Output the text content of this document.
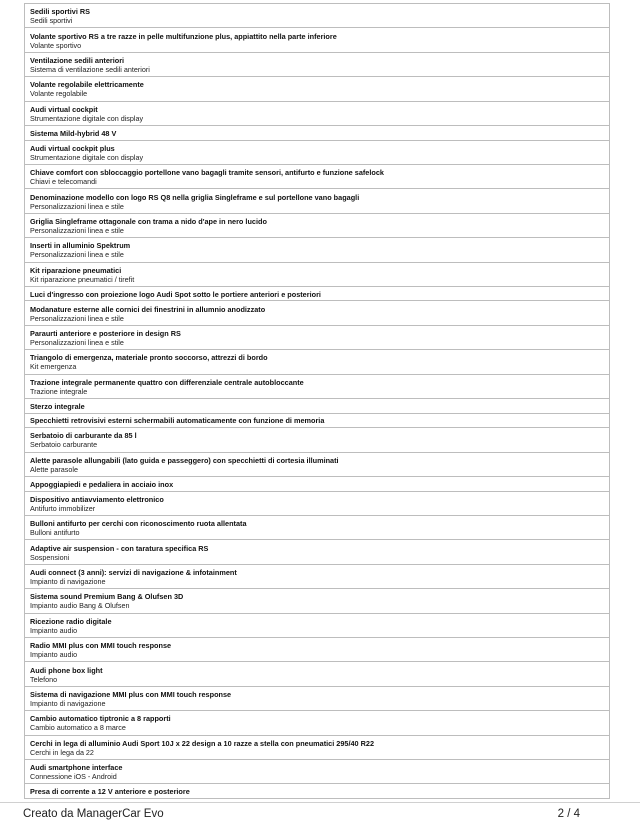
Sedili sportivi RS
Sedili sportivi
Volante sportivo RS a tre razze in pelle multifunzione plus, appiattito nella parte inferiore
Volante sportivo
Ventilazione sedili anteriori
Sistema di ventilazione sedili anteriori
Volante regolabile elettricamente
Volante regolabile
Audi virtual cockpit
Strumentazione digitale con display
Sistema Mild-hybrid 48 V
Audi virtual cockpit plus
Strumentazione digitale con display
Chiave comfort con sbloccaggio portellone vano bagagli tramite sensori, antifurto e funzione safelock
Chiavi e telecomandi
Denominazione modello con logo RS Q8 nella griglia Singleframe e sul portellone vano bagagli
Personalizzazioni linea e stile
Griglia Singleframe ottagonale con trama a nido d'ape in nero lucido
Personalizzazioni linea e stile
Inserti in alluminio Spektrum
Personalizzazioni linea e stile
Kit riparazione pneumatici
Kit riparazione pneumatici / tirefit
Luci d'ingresso con proiezione logo Audi Spot sotto le portiere anteriori e posteriori
Modanature esterne alle cornici dei finestrini in allumnio anodizzato
Personalizzazioni linea e stile
Paraurti anteriore e posteriore in design RS
Personalizzazioni linea e stile
Triangolo di emergenza, materiale pronto soccorso, attrezzi di bordo
Kit emergenza
Trazione integrale permanente quattro con differenziale centrale autobloccante
Trazione integrale
Sterzo integrale
Specchietti retrovisivi esterni schermabili automaticamente con funzione di memoria
Serbatoio di carburante da 85 l
Serbatoio carburante
Alette parasole allungabili (lato guida e passeggero) con specchietti di cortesia illuminati
Alette parasole
Appoggiapiedi e pedaliera in acciaio inox
Dispositivo antiavviamento elettronico
Antifurto immobilizer
Bulloni antifurto per cerchi con riconoscimento ruota allentata
Bulloni antifurto
Adaptive air suspension - con taratura specifica RS
Sospensioni
Audi connect (3 anni): servizi di navigazione & infotainment
Impianto di navigazione
Sistema sound Premium Bang & Olufsen 3D
Impianto audio Bang & Olufsen
Ricezione radio digitale
Impianto audio
Radio MMI plus con MMI touch response
Impianto audio
Audi phone box light
Telefono
Sistema di navigazione MMI plus con MMI touch response
Impianto di navigazione
Cambio automatico tiptronic a 8 rapporti
Cambio automatico a 8 marce
Cerchi in lega di alluminio Audi Sport 10J x 22 design a 10 razze a stella con pneumatici 295/40 R22
Cerchi in lega da 22
Audi smartphone interface
Connessione iOS - Android
Presa di corrente a 12 V anteriore e posteriore
Creato da ManagerCar Evo	2 / 4
